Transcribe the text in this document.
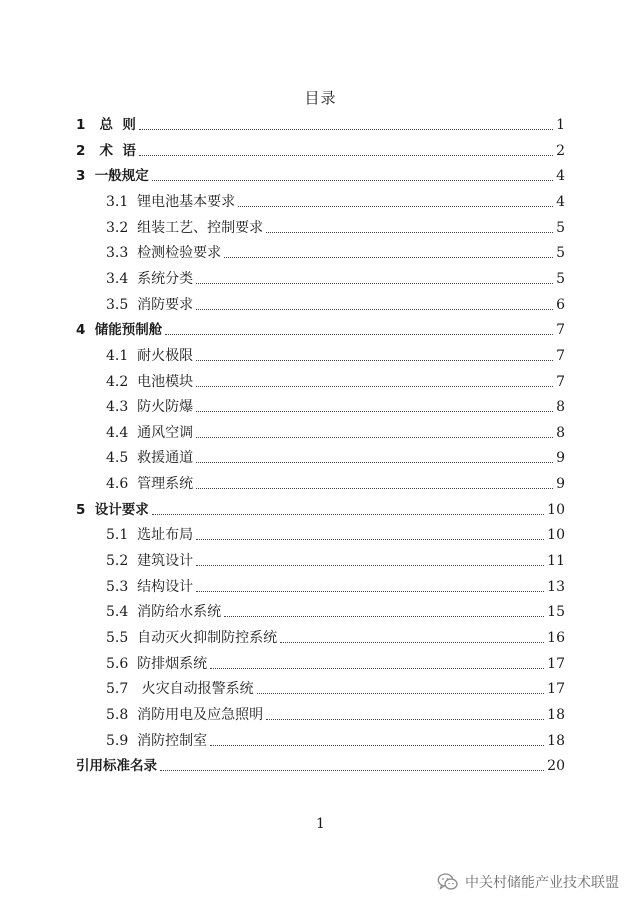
目录
1   总  则	1
2   术  语	2
3  一般规定	4
3.1  锂电池基本要求	4
3.2  组装工艺、控制要求	5
3.3  检测检验要求	5
3.4  系统分类	5
3.5  消防要求	6
4  储能预制舱	7
4.1  耐火极限	7
4.2  电池模块	7
4.3  防火防爆	8
4.4  通风空调	8
4.5  救援通道	9
4.6  管理系统	9
5  设计要求	10
5.1  选址布局	10
5.2  建筑设计	11
5.3  结构设计	13
5.4  消防给水系统	15
5.5  自动灭火抑制防控系统	16
5.6  防排烟系统	17
5.7   火灾自动报警系统	17
5.8  消防用电及应急照明	18
5.9  消防控制室	18
引用标准名录	20
1
中关村储能产业技术联盟
